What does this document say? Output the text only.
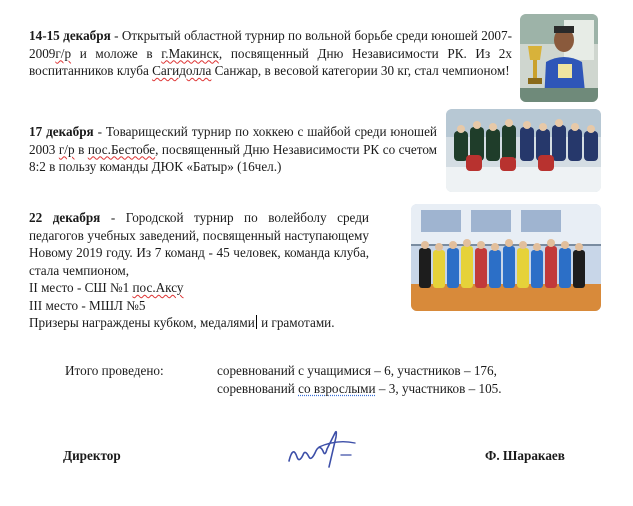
14-15 декабря - Открытый областной турнир по вольной борьбе среди юношей 2007-2009г/р и моложе в г.Макинск, посвященный Дню Независимости РК. Из 2х воспитанников клуба Сагидолла Санжар, в весовой категории 30 кг, стал чемпионом!
17 декабря - Товарищеский турнир по хоккею с шайбой среди юношей 2003 г/р в пос.Бестобе, посвященный Дню Независимости РК со счетом 8:2 в пользу команды ДЮК «Батыр» (16чел.)
22 декабря - Городской турнир по волейболу среди педагогов учебных заведений, посвященный наступающему Новому 2019 году. Из 7 команд - 45 человек, команда клуба, стала чемпионом,
II место - СШ №1 пос.Аксу
III место - МШЛ №5
Призеры награждены кубком, медалями и грамотами.
Итого проведено:	соревнований с учащимися – 6, участников – 176,
соревнований со взрослыми – 3, участников – 105.
Директор	Ф. Шаракаев
